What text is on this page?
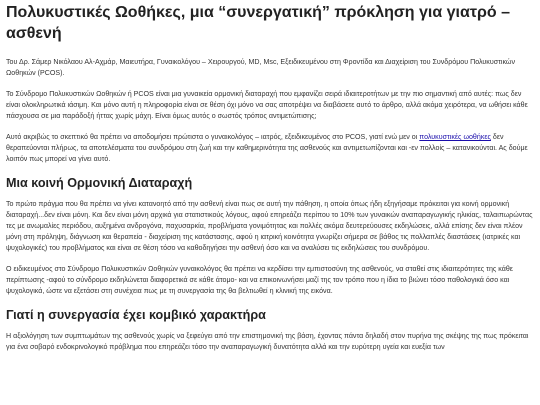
Πολυκυστικές Ωοθήκες, μια “συνεργατική” πρόκληση για γιατρό – ασθενή

Του Δρ. Σάμερ Νικόλαου Αλ-Αχμάρ, Μαιευτήρα, Γυναικολόγου – Χειρουργού, MD, Msc, Εξειδικευμένου στη Φροντίδα και Διαχείριση του Συνδρόμου Πολυκυστικών Ωοθηκών (PCOS).

Το Σύνδρομο Πολυκυστικών Ωοθηκών ή PCOS είναι μια γυναικεία ορμονική διαταραχή που εμφανίζει σειρά ιδιαιτεροτήτων με την πιο σημαντική από αυτές: πως δεν είναι ολοκληρωτικά ιάσιμη. Και μόνο αυτή η πληροφορία είναι σε θέση όχι μόνο να σας αποτρέψει να διαβάσετε αυτό το άρθρο, αλλά ακόμα χειρότερα, να ωθήσει κάθε πάσχουσα σε μια παράδοξή ήττας χωρίς μάχη. Είναι όμως αυτός ο σωστός τρόπος αντιμετώπισης;

Αυτό ακριβώς το σκεπτικό θα πρέπει να αποδομήσει πρώτιστα ο γυναικολόγος – ιατρός, εξειδικευμένος στο PCOS, γιατί ενώ μεν οι πολυκυστικές ωοθήκες δεν θεραπεύονται πλήρως, τα αποτελέσματα του συνδρόμου στη ζωή και την καθημερινότητα της ασθενούς και αντιμετωπίζονται και -εν πολλοίς – κατανικούνται. Ας δούμε λοιπόν πως μπορεί να γίνει αυτό.

Μια κοινή Ορμονική Διαταραχή

Το πρώτο πράγμα που θα πρέπει να γίνει κατανοητό από την ασθενή είναι πως σε αυτή την πάθηση, η οποία όπως ήδη εξηγήσαμε πρόκειται για κοινή ορμονική διαταραχή...δεν είναι μόνη. Και δεν είναι μόνη αρχικά για στατιστικούς λόγους, αφού επηρεάζει περίπου το 10% των γυναικών αναπαραγωγικής ηλικίας, ταλαιπωρώντας τες με ανωμαλίες περιόδου, αυξημένα ανδρογόνα, παχυσαρκία, προβλήματα γονιμότητας και πολλές ακόμα δευτερεύουσες εκδηλώσεις, αλλά επίσης δεν είναι πλέον μόνη στη πρόληψη, διάγνωση και θεραπεία - διαχείριση της κατάστασης, αφού η ιατρική κοινότητα γνωρίζει σήμερα σε βάθος τις πολλαπλές διαστάσεις (ιατρικές και ψυχολογικές) του προβλήματος και είναι σε θέση τόσο να καθοδηγήσει την ασθενή όσο και να αναλύσει τις εκδηλώσεις του συνδρόμου.

Ο ειδικευμένος στο Σύνδρομο Πολυκυστικών Ωοθηκών γυναικολόγος θα πρέπει να κερδίσει την εμπιστοσύνη της ασθενούς, να σταθεί στις ιδιαιτερότητες της κάθε περίπτωσης -αφού το σύνδρομο εκδηλώνεται διαφορετικά σε κάθε άτομο- και να επικοινωνήσει μαζί της τον τρόπο που η ίδια το βιώνει τόσο παθολογικά όσο και ψυχολογικά, ώστε να εξετάσει στη συνέχεια πως με τη συνεργασία της θα βελτιωθεί η κλινική της εικόνα.

Γιατί η συνεργασία έχει κομβικό χαρακτήρα

Η αξιολόγηση των συμπτωμάτων της ασθενούς χωρίς να ξεφεύγει από την επιστημονική της βάση, έχοντας πάντα δηλαδή στον πυρήνα της σκέψης της πως πρόκειται για ένα σοβαρό ενδοκρινολογικό πρόβλημα που επηρεάζει τόσο την αναπαραγωγική δυνατότητα αλλά και την ευρύτερη υγεία και ευεξία των
